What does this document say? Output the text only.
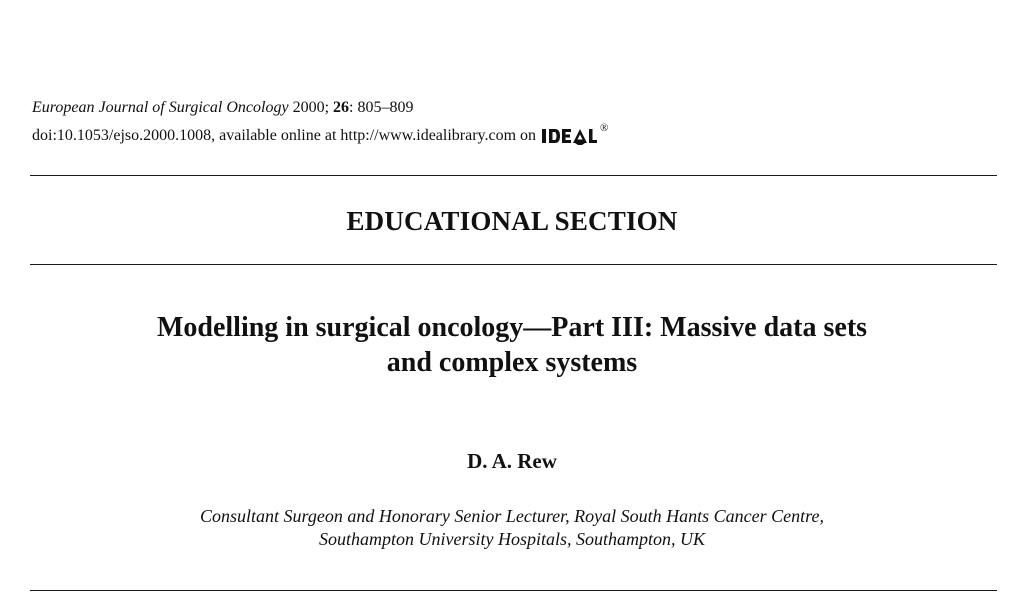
European Journal of Surgical Oncology 2000; 26: 805–809
doi:10.1053/ejso.2000.1008, available online at http://www.idealibrary.com on	®
EDUCATIONAL SECTION
Modelling in surgical oncology—Part III: Massive data sets
and complex systems
D. A. Rew
Consultant Surgeon and Honorary Senior Lecturer, Royal South Hants Cancer Centre,
Southampton University Hospitals, Southampton, UK
